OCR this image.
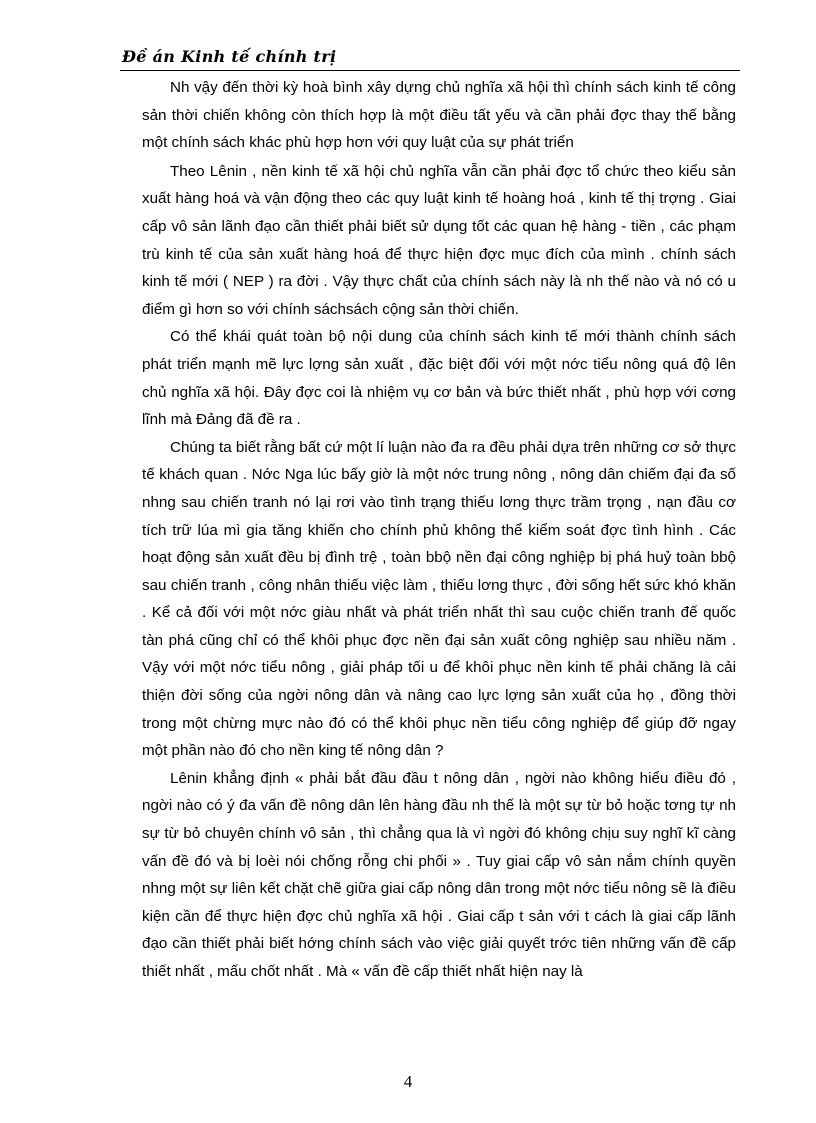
Đề án Kinh tế chính trị

Nh vậy đến thời kỳ hoà bình xây dựng chủ nghĩa xã hội thì chính sách kinh tế công sản thời chiến không còn thích hợp là một điều tất yếu và cần phải đợc thay thế bằng một chính sách khác phù hợp hơn với quy luật của sự phát triển

Theo Lênin , nền kinh tế xã hội chủ nghĩa vẫn cần phải đợc tổ chức theo kiểu sản xuất hàng hoá và vận động theo các quy luật kinh tế hoàng hoá , kinh tế thị trợng . Giai cấp vô sản lãnh đạo cần thiết phải biết sử dụng tốt các quan hệ hàng - tiền , các phạm trù kinh tế của sản xuất hàng hoá để thực hiện đợc mục đích của mình . chính sách kinh tế mới ( NEP ) ra đời . Vậy thực chất của chính sách này là nh thế nào và nó có u điểm gì hơn so với chính sáchsách cộng sản thời chiến.

Có thể khái quát toàn bộ nội dung của chính sách kinh tế mới thành chính sách phát triển mạnh mẽ lực lợng sản xuất , đặc biệt đối với một nớc tiểu nông quá độ lên chủ nghĩa xã hội. Đây đợc coi là nhiệm vụ cơ bản và bức thiết nhất , phù hợp với cơng lĩnh mà Đảng đã đề ra .

Chúng ta biết rằng bất cứ một lí luận nào đa ra đều phải dựa trên những cơ sở thực tế khách quan . Nớc Nga lúc bấy giờ là một nớc trung nông , nông dân chiếm đại đa số nhng sau chiến tranh nó lại rơi vào tình trạng thiếu lơng thực trầm trọng , nạn đầu cơ tích trữ lúa mì gia tăng khiến cho chính phủ không thể kiểm soát đợc tình hình . Các hoạt động sản xuất đều bị đình trệ , toàn bbộ nền đại công nghiệp bị phá huỷ toàn bbộ sau chiến tranh , công nhân thiếu việc làm , thiếu lơng thực , đời sống hết sức khó khăn . Kể cả đối với một nớc giàu nhất và phát triển nhất thì sau cuộc chiến tranh đế quốc tàn phá cũng chỉ có thể khôi phục đợc nền đại sản xuất công nghiệp sau nhiều năm . Vậy với một nớc tiểu nông , giải pháp tối u để khôi phục nền kinh tế phải chăng là cải thiện đời sống của ngời nông dân và nâng cao lực lợng sản xuất của họ , đồng thời trong một chừng mực nào đó có thể khôi phục nền tiểu công nghiệp để giúp đỡ ngay một phần nào đó cho nền king tế nông dân ?

Lênin khẳng định « phải bắt đầu đầu t nông dân , ngời nào không hiểu điều đó , ngời nào có ý đa vấn đề nông dân lên hàng đầu nh thế là một sự từ bỏ hoặc tơng tự nh sự từ bỏ chuyên chính vô sản , thì chẳng qua là vì ngời đó không chịu suy nghĩ kĩ càng vấn đề đó và bị loèi nói chống rỗng chi phối » . Tuy giai cấp vô sản nắm chính quyền nhng một sự liên kết chặt chẽ giữa giai cấp nông dân trong một nớc tiểu nông sẽ là điều kiện cần để thực hiện đợc chủ nghĩa xã hội . Giai cấp t sản với t cách là giai cấp lãnh đạo cần thiết phải biết hớng chính sách vào việc giải quyết trớc tiên những vấn đề cấp thiết nhất , mấu chốt nhất . Mà « vấn đề cấp thiết nhất hiện nay là

4
